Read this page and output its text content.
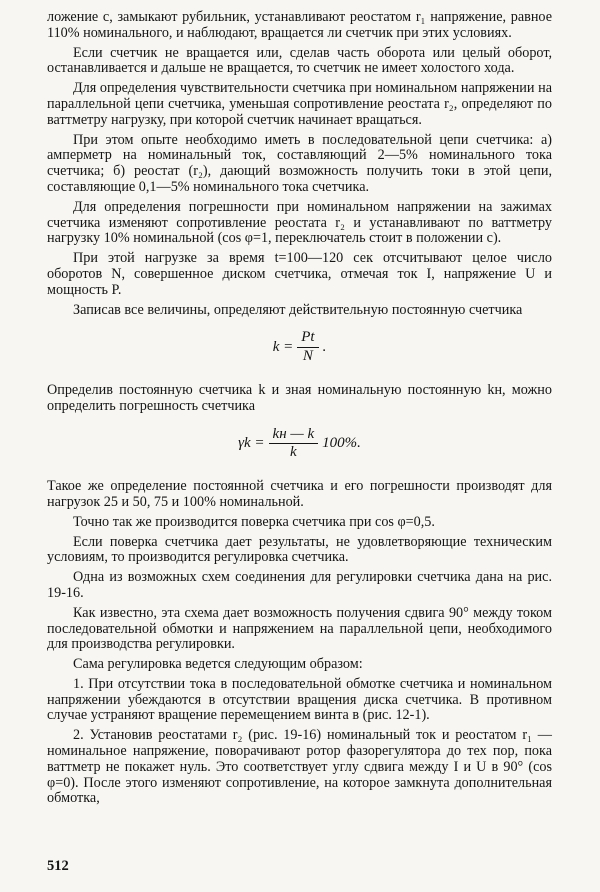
ложение с, замыкают рубильник, устанавливают реостатом r₁ напряжение, равное 110% номинального, и наблюдают, вращается ли счетчик при этих условиях.

Если счетчик не вращается или, сделав часть оборота или целый оборот, останавливается и дальше не вращается, то счетчик не имеет холостого хода.

Для определения чувствительности счетчика при номинальном напряжении на параллельной цепи счетчика, уменьшая сопротивление реостата r₂, определяют по ваттметру нагрузку, при которой счетчик начинает вращаться.

При этом опыте необходимо иметь в последовательной цепи счетчика: а) амперметр на номинальный ток, составляющий 2—5% номинального тока счетчика; б) реостат (r₂), дающий возможность получить токи в этой цепи, составляющие 0,1—5% номинального тока счетчика.

Для определения погрешности при номинальном напряжении на зажимах счетчика изменяют сопротивление реостата r₂ и устанавливают по ваттметру нагрузку 10% номинальной (cos φ=1, переключатель стоит в положении с).

При этой нагрузке за время t=100—120 сек отсчитывают целое число оборотов N, совершенное диском счетчика, отмечая ток I, напряжение U и мощность P.

Записав все величины, определяют действительную постоянную счетчика

$k = \frac{Pt}{N}$ .

Определив постоянную счетчика k и зная номинальную постоянную kн, можно определить погрешность счетчика

$\gamma k = \frac{kн — k}{k} 100\%$.

Такое же определение постоянной счетчика и его погрешности производят для нагрузок 25 и 50, 75 и 100% номинальной.

Точно так же производится поверка счетчика при cos φ=0,5.

Если поверка счетчика дает результаты, не удовлетворяющие техническим условиям, то производится регулировка счетчика.

Одна из возможных схем соединения для регулировки счетчика дана на рис. 19-16.

Как известно, эта схема дает возможность получения сдвига 90° между током последовательной обмотки и напряжением на параллельной цепи, необходимого для производства регулировки.

Сама регулировка ведется следующим образом:

1. При отсутствии тока в последовательной обмотке счетчика и номинальном напряжении убеждаются в отсутствии вращения диска счетчика. В противном случае устраняют вращение перемещением винта в (рис. 12-1).

2. Установив реостатами r₂ (рис. 19-16) номинальный ток и реостатом r₁ — номинальное напряжение, поворачивают ротор фазорегулятора до тех пор, пока ваттметр не покажет нуль. Это соответствует углу сдвига между I и U в 90° (cos φ=0). После этого изменяют сопротивление, на которое замкнута дополнительная обмотка,

512
